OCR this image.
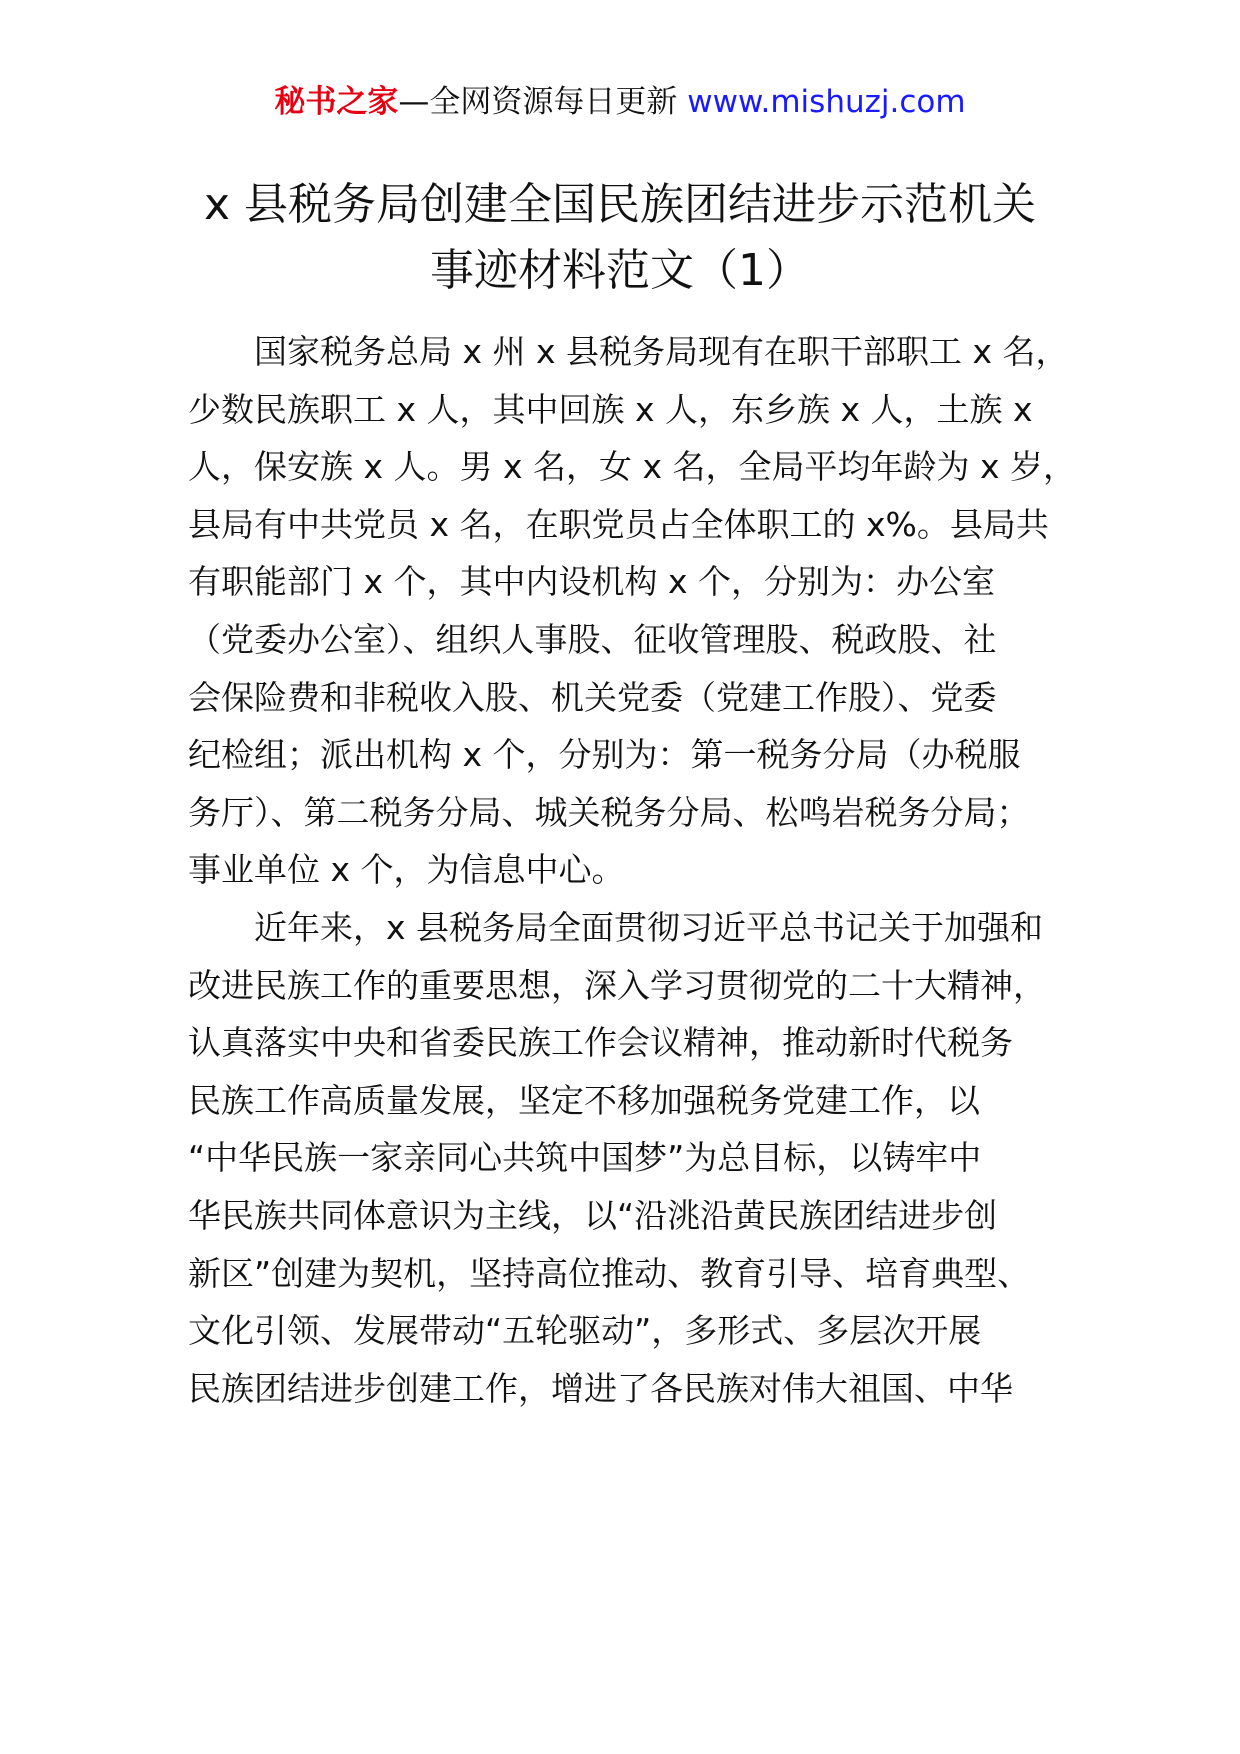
秘书之家—全网资源每日更新 www.mishuzj.com
x 县税务局创建全国民族团结进步示范机关
事迹材料范文（1）
国家税务总局 x 州 x 县税务局现有在职干部职工 x 名，
少数民族职工 x 人，其中回族 x 人，东乡族 x 人，土族 x
人，保安族 x 人。男 x 名，女 x 名，全局平均年龄为 x 岁，
县局有中共党员 x 名，在职党员占全体职工的 x%。县局共
有职能部门 x 个，其中内设机构 x 个，分别为：办公室
（党委办公室）、组织人事股、征收管理股、税政股、社
会保险费和非税收入股、机关党委（党建工作股）、党委
纪检组；派出机构 x 个，分别为：第一税务分局（办税服
务厅）、第二税务分局、城关税务分局、松鸣岩税务分局；
事业单位 x 个，为信息中心。
近年来，x 县税务局全面贯彻习近平总书记关于加强和
改进民族工作的重要思想，深入学习贯彻党的二十大精神，
认真落实中央和省委民族工作会议精神，推动新时代税务
民族工作高质量发展，坚定不移加强税务党建工作，以
“中华民族一家亲同心共筑中国梦”为总目标，以铸牢中
华民族共同体意识为主线，以“沿洮沿黄民族团结进步创
新区”创建为契机，坚持高位推动、教育引导、培育典型、
文化引领、发展带动“五轮驱动”，多形式、多层次开展
民族团结进步创建工作，增进了各民族对伟大祖国、中华
